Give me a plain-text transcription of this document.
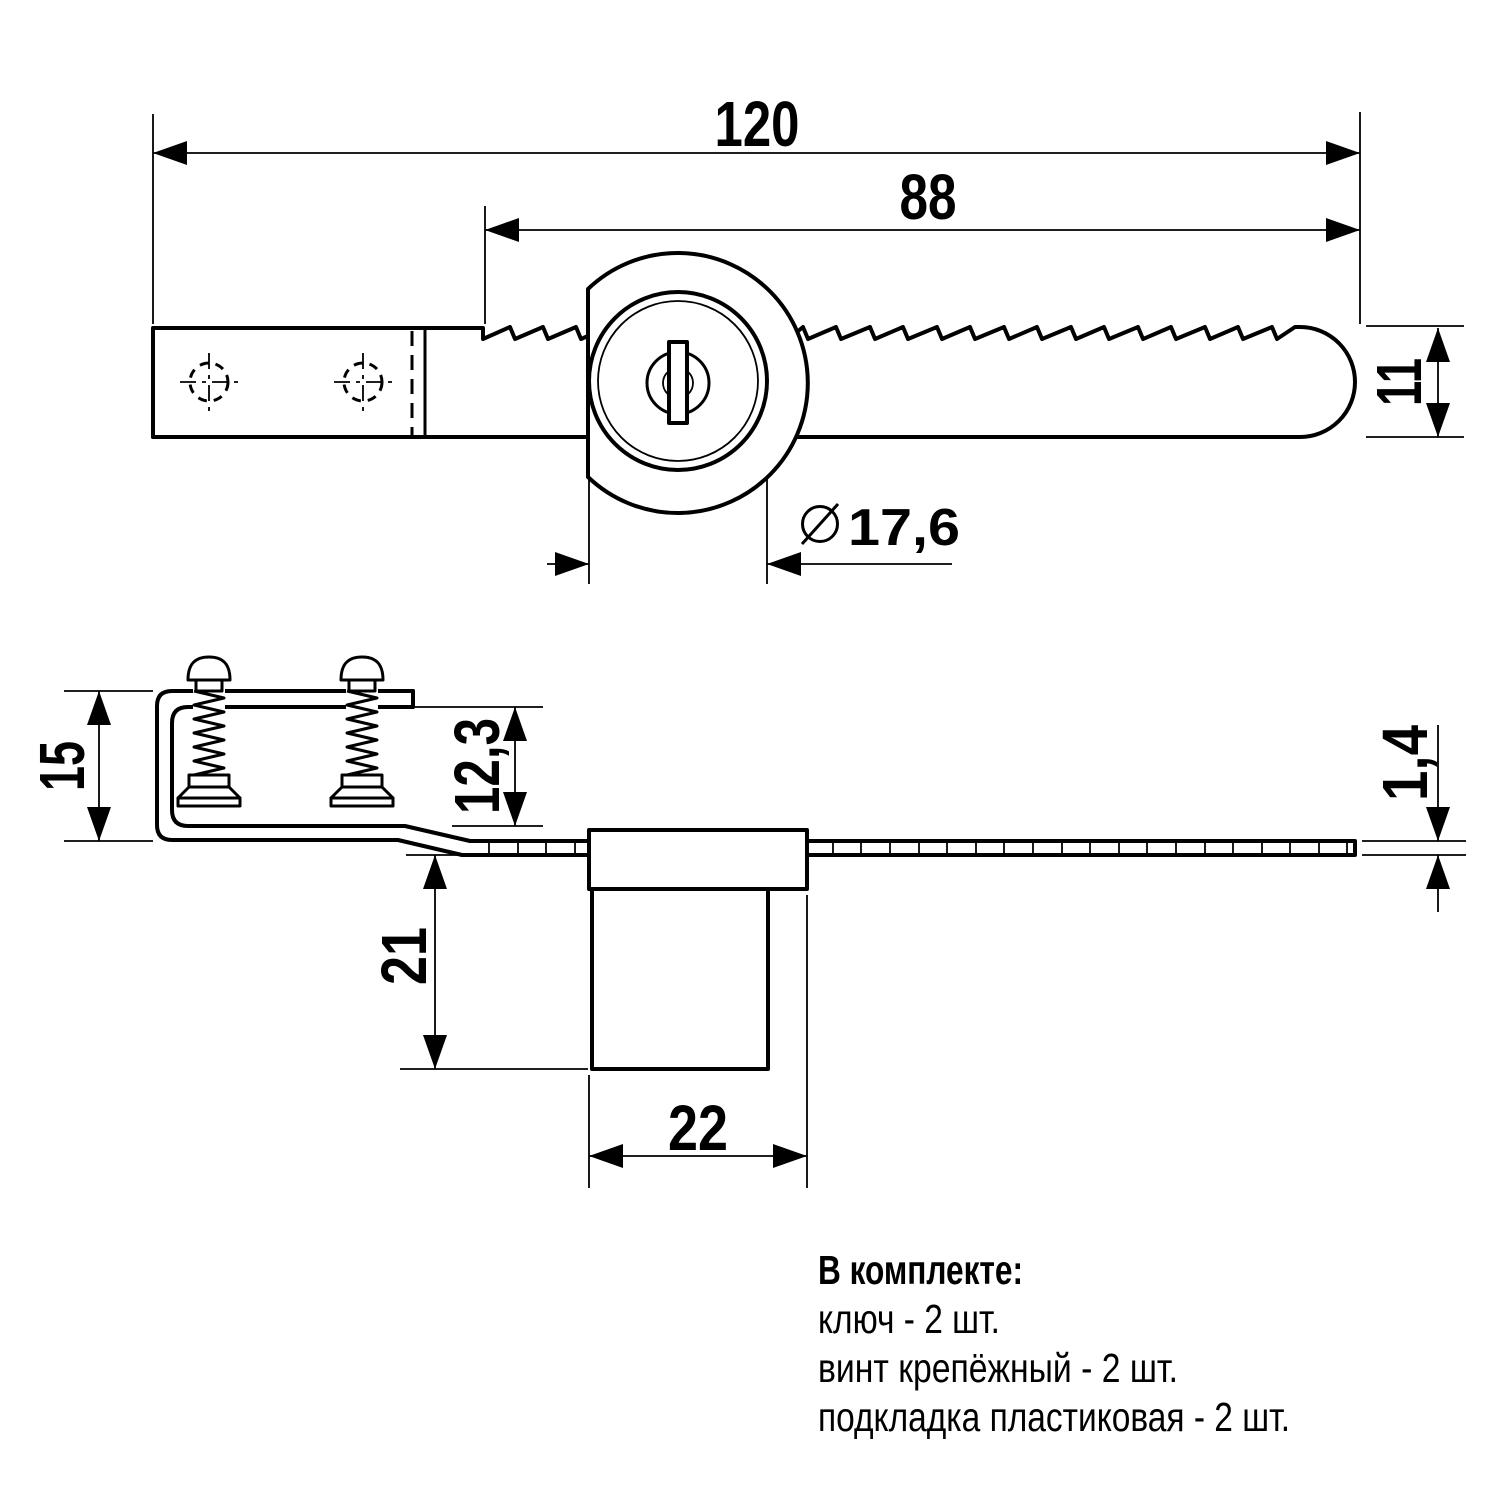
120
88
17,6
11
15	12,3	1,4
21
22
В комплекте:
ключ - 2 шт.
винт крепёжный - 2 шт.
подкладка пластиковая - 2 шт.
